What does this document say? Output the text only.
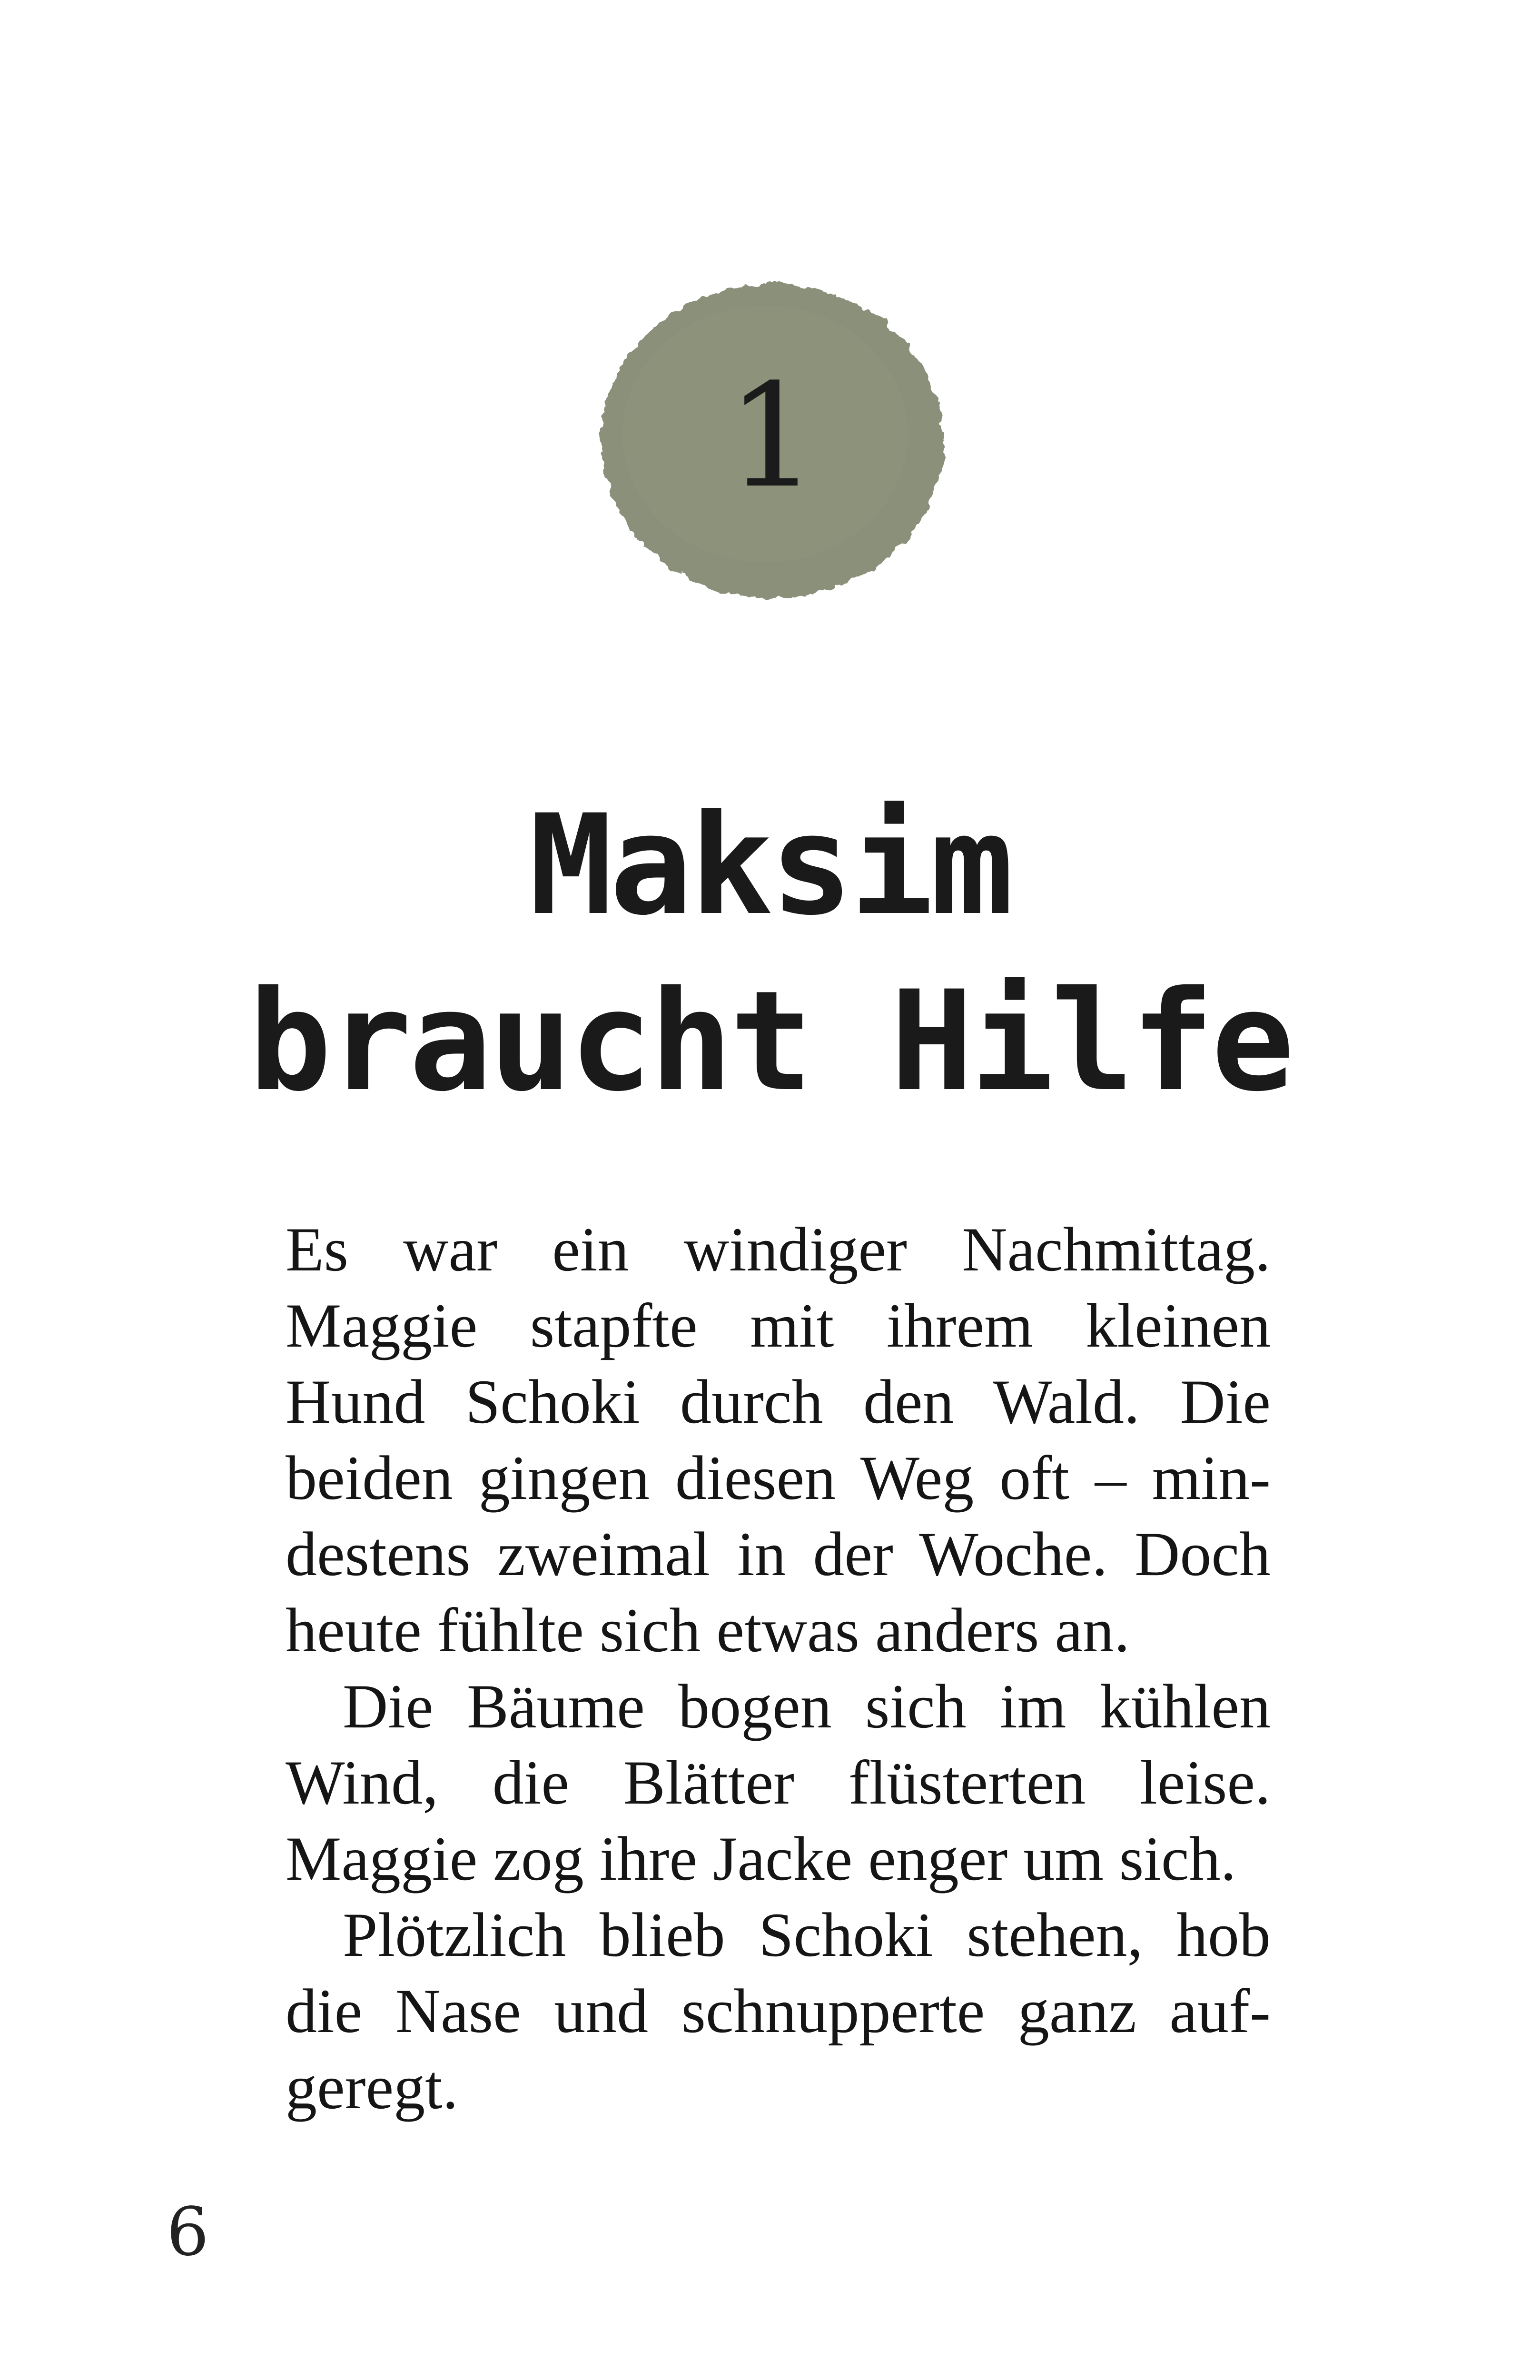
1
Maksim
braucht Hilfe

Es war ein windiger Nachmittag. Maggie stapfte mit ihrem kleinen Hund Schoki durch den Wald. Die beiden gingen diesen Weg oft – mindestens zweimal in der Woche. Doch heute fühlte sich etwas anders an.

Die Bäume bogen sich im kühlen Wind, die Blätter flüsterten leise. Maggie zog ihre Jacke enger um sich.

Plötzlich blieb Schoki stehen, hob die Nase und schnupperte ganz aufgeregt.

6
